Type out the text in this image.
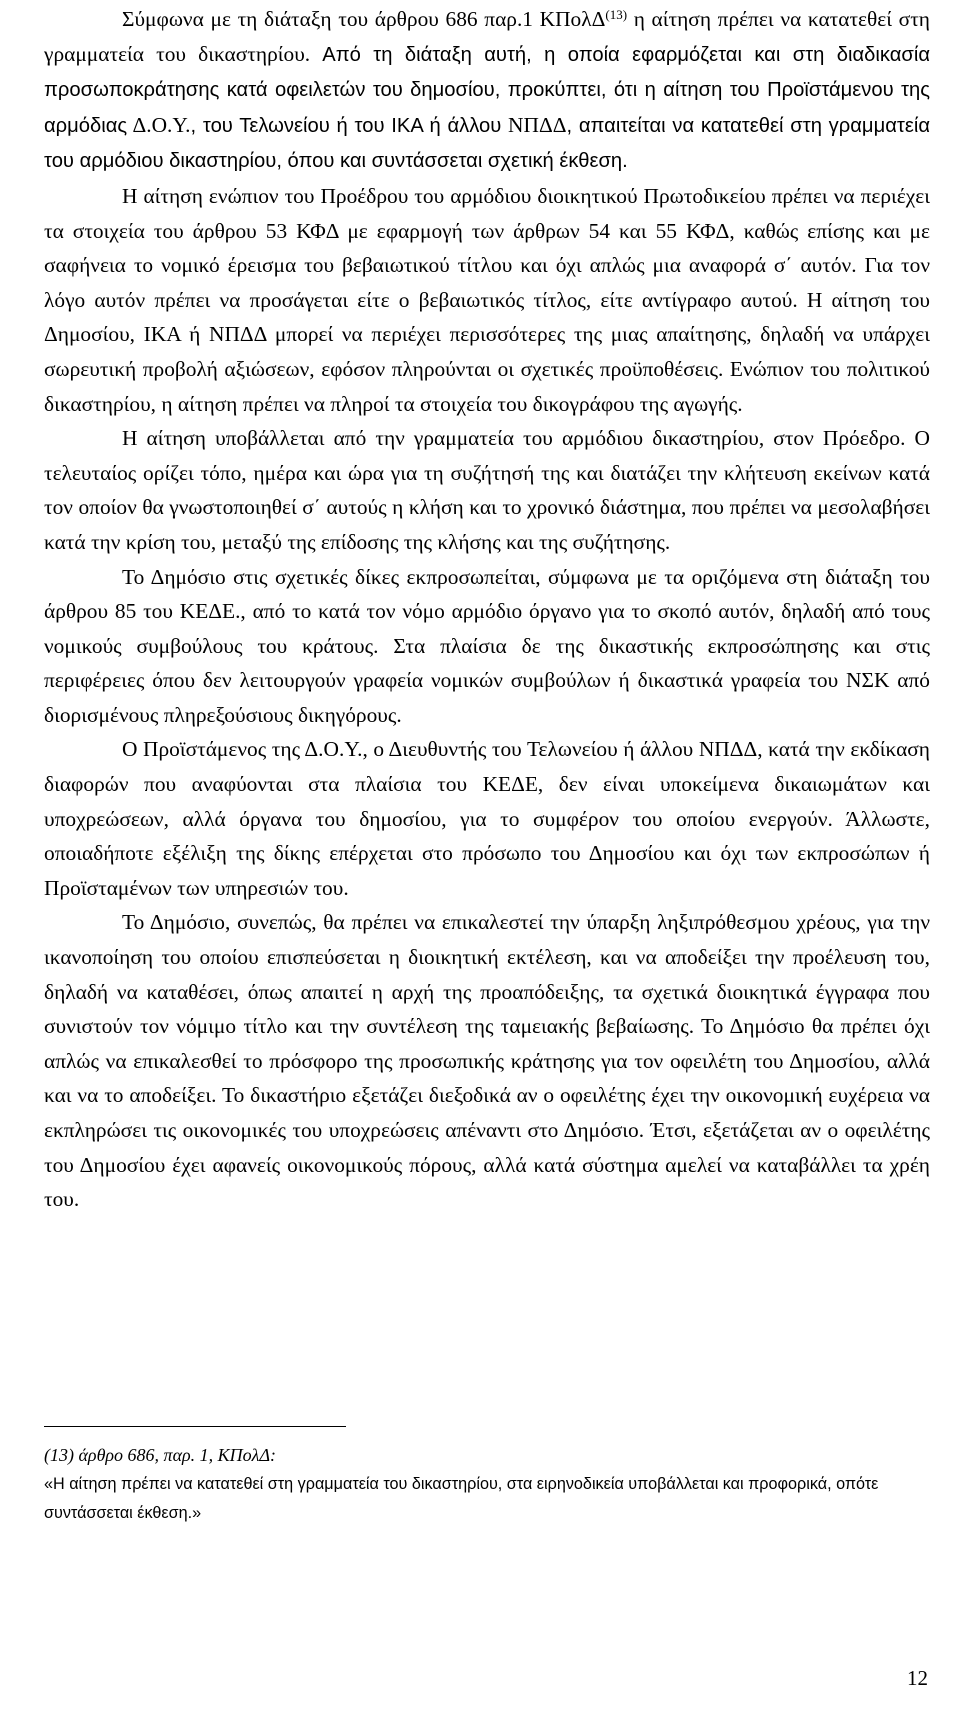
Σύμφωνα με τη διάταξη του άρθρου 686 παρ.1 ΚΠολΔ$^{(13)}$ η αίτηση πρέπει να κατατεθεί στη γραμματεία του δικαστηρίου. Από τη διάταξη αυτή, η οποία εφαρμόζεται και στη διαδικασία προσωποκράτησης κατά οφειλετών του δημοσίου, προκύπτει, ότι η αίτηση του Προϊστάμενου της αρμόδιας Δ.Ο.Υ., του Τελωνείου ή του ΙΚΑ ή άλλου ΝΠΔΔ, απαιτείται να κατατεθεί στη γραμματεία του αρμόδιου δικαστηρίου, όπου και συντάσσεται σχετική έκθεση.

Η αίτηση ενώπιον του Προέδρου του αρμόδιου διοικητικού Πρωτοδικείου πρέπει να περιέχει τα στοιχεία του άρθρου 53 ΚΦΔ με εφαρμογή των άρθρων 54 και 55 ΚΦΔ, καθώς επίσης και με σαφήνεια το νομικό έρεισμα του βεβαιωτικού τίτλου και όχι απλώς μια αναφορά σ΄ αυτόν. Για τον λόγο αυτόν πρέπει να προσάγεται είτε ο βεβαιωτικός τίτλος, είτε αντίγραφο αυτού. Η αίτηση του Δημοσίου, ΙΚΑ ή ΝΠΔΔ μπορεί να περιέχει περισσότερες της μιας απαίτησης, δηλαδή να υπάρχει σωρευτική προβολή αξιώσεων, εφόσον πληρούνται οι σχετικές προϋποθέσεις. Ενώπιον του πολιτικού δικαστηρίου, η αίτηση πρέπει να πληροί τα στοιχεία του δικογράφου της αγωγής.

Η αίτηση υποβάλλεται από την γραμματεία του αρμόδιου δικαστηρίου, στον Πρόεδρο. Ο τελευταίος ορίζει τόπο, ημέρα και ώρα για τη συζήτησή της και διατάζει την κλήτευση εκείνων κατά τον οποίον θα γνωστοποιηθεί σ΄ αυτούς η κλήση και το χρονικό διάστημα, που πρέπει να μεσολαβήσει κατά την κρίση του, μεταξύ της επίδοσης της κλήσης και της συζήτησης.

Το Δημόσιο στις σχετικές δίκες εκπροσωπείται, σύμφωνα με τα οριζόμενα στη διάταξη του άρθρου 85 του ΚΕΔΕ., από το κατά τον νόμο αρμόδιο όργανο για το σκοπό αυτόν, δηλαδή από τους νομικούς συμβούλους του κράτους. Στα πλαίσια δε της δικαστικής εκπροσώπησης και στις περιφέρειες όπου δεν λειτουργούν γραφεία νομικών συμβούλων ή δικαστικά γραφεία του ΝΣΚ από διορισμένους πληρεξούσιους δικηγόρους.

Ο Προϊστάμενος της Δ.Ο.Υ., ο Διευθυντής του Τελωνείου ή άλλου ΝΠΔΔ, κατά την εκδίκαση διαφορών που αναφύονται στα πλαίσια του ΚΕΔΕ, δεν είναι υποκείμενα δικαιωμάτων και υποχρεώσεων, αλλά όργανα του δημοσίου, για το συμφέρον του οποίου ενεργούν. Άλλωστε, οποιαδήποτε εξέλιξη της δίκης επέρχεται στο πρόσωπο του Δημοσίου και όχι των εκπροσώπων ή Προϊσταμένων των υπηρεσιών του.

Το Δημόσιο, συνεπώς, θα πρέπει να επικαλεστεί την ύπαρξη ληξιπρόθεσμου χρέους, για την ικανοποίηση του οποίου επισπεύσεται η διοικητική εκτέλεση, και να αποδείξει την προέλευση του, δηλαδή να καταθέσει, όπως απαιτεί η αρχή της προαπόδειξης, τα σχετικά διοικητικά έγγραφα που συνιστούν τον νόμιμο τίτλο και την συντέλεση της ταμειακής βεβαίωσης. Το Δημόσιο θα πρέπει όχι απλώς να επικαλεσθεί το πρόσφορο της προσωπικής κράτησης για τον οφειλέτη του Δημοσίου, αλλά και να το αποδείξει. Το δικαστήριο εξετάζει διεξοδικά αν ο οφειλέτης έχει την οικονομική ευχέρεια να εκπληρώσει τις οικονομικές του υποχρεώσεις απέναντι στο Δημόσιο. Έτσι, εξετάζεται αν ο οφειλέτης του Δημοσίου έχει αφανείς οικονομικούς πόρους, αλλά κατά σύστημα αμελεί να καταβάλλει τα χρέη του.

(13) άρθρο 686, παρ. 1, ΚΠολΔ:
«Η αίτηση πρέπει να κατατεθεί στη γραμματεία του δικαστηρίου, στα ειρηνοδικεία υποβάλλεται και προφορικά, οπότε συντάσσεται έκθεση.»
12
